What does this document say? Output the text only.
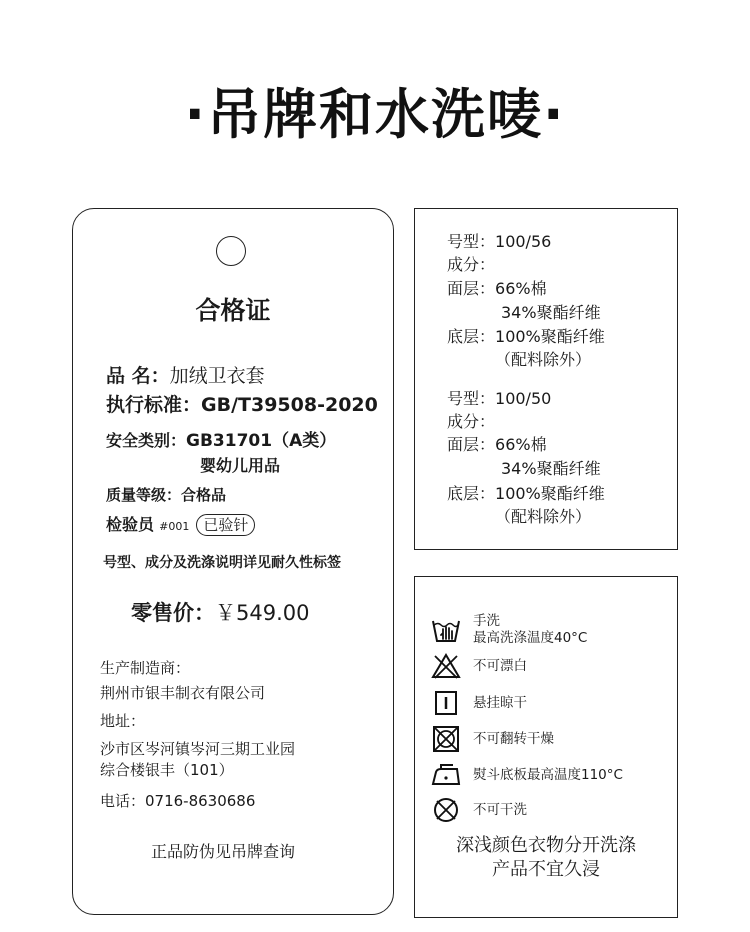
·吊牌和水洗唛·
合格证
品 名：加绒卫衣套
执行标准：GB/T39508-2020
安全类别：GB31701（A类）
婴幼儿用品
质量等级：合格品
检验员 #001 已验针
号型、成分及洗涤说明详见耐久性标签
零售价：￥549.00
生产制造商：
荆州市银丰制衣有限公司
地址：
沙市区岑河镇岑河三期工业园
综合楼银丰（101）
电话：0716-8630686
正品防伪见吊牌查询
号型：100/56
成分：
面层：66%棉
34%聚酯纤维
底层：100%聚酯纤维
（配料除外）
号型：100/50
成分：
面层：66%棉
34%聚酯纤维
底层：100%聚酯纤维
（配料除外）
手洗
最高洗涤温度40°C
不可漂白
悬挂晾干
不可翻转干燥
熨斗底板最高温度110°C
不可干洗
深浅颜色衣物分开洗涤
产品不宜久浸
